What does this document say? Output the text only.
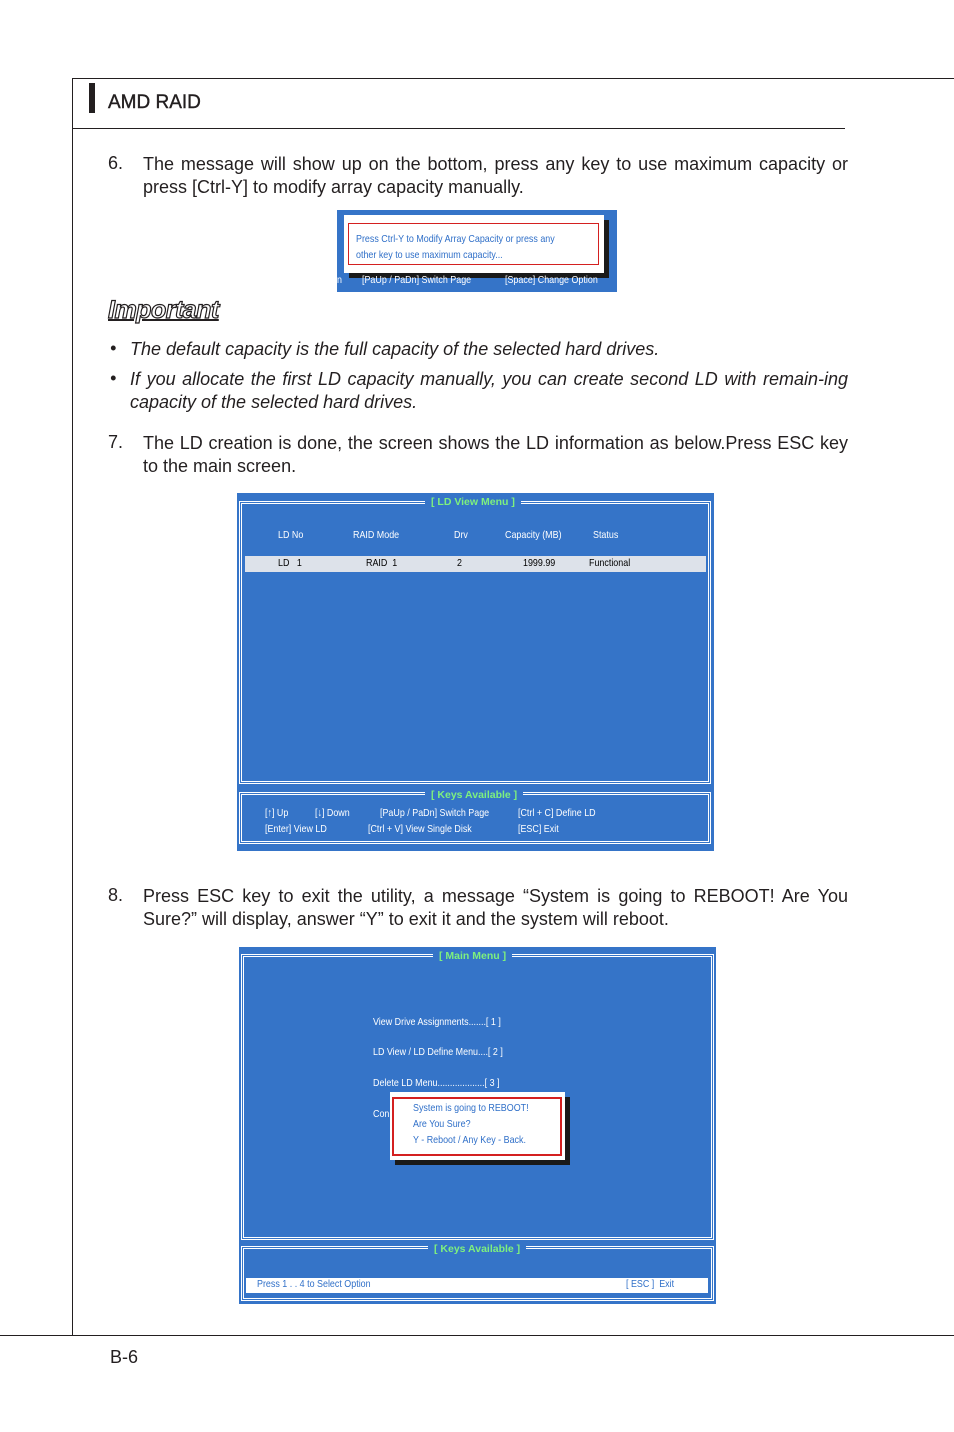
AMD RAID
6. The message will show up on the bottom, press any key to use maximum capacity or press [Ctrl-Y] to modify array capacity manually.
Press Ctrl-Y to Modify Array Capacity or press any
other key to use maximum capacity...
n [PaUp / PaDn] Switch Page	[Space] Change Option
Important
• The default capacity is the full capacity of the selected hard drives.
• If you allocate the first LD capacity manually, you can create second LD with remain-ing capacity of the selected hard drives.
7. The LD creation is done, the screen shows the LD information as below.Press ESC key to the main screen.
[ LD View Menu ]
LD No	RAID Mode	Drv	Capacity (MB)	Status
LD   1	RAID  1	2	1999.99	Functional
[ Keys Available ]
[↑] Up	[↓] Down	[PaUp / PaDn] Switch Page	[Ctrl + C] Define LD
[Enter] View LD	[Ctrl + V] View Single Disk	[ESC] Exit
8. Press ESC key to exit the utility, a message “System is going to REBOOT! Are You Sure?” will display, answer “Y” to exit it and the system will reboot.
[ Main Menu ]
View Drive Assignments.......[ 1 ]
LD View / LD Define Menu....[ 2 ]
Delete LD Menu...................[ 3 ]
Con System is going to REBOOT!
Are You Sure?
Y - Reboot / Any Key - Back.
[ Keys Available ]
Press 1 . . 4 to Select Option	[ ESC ]  Exit
B-6
